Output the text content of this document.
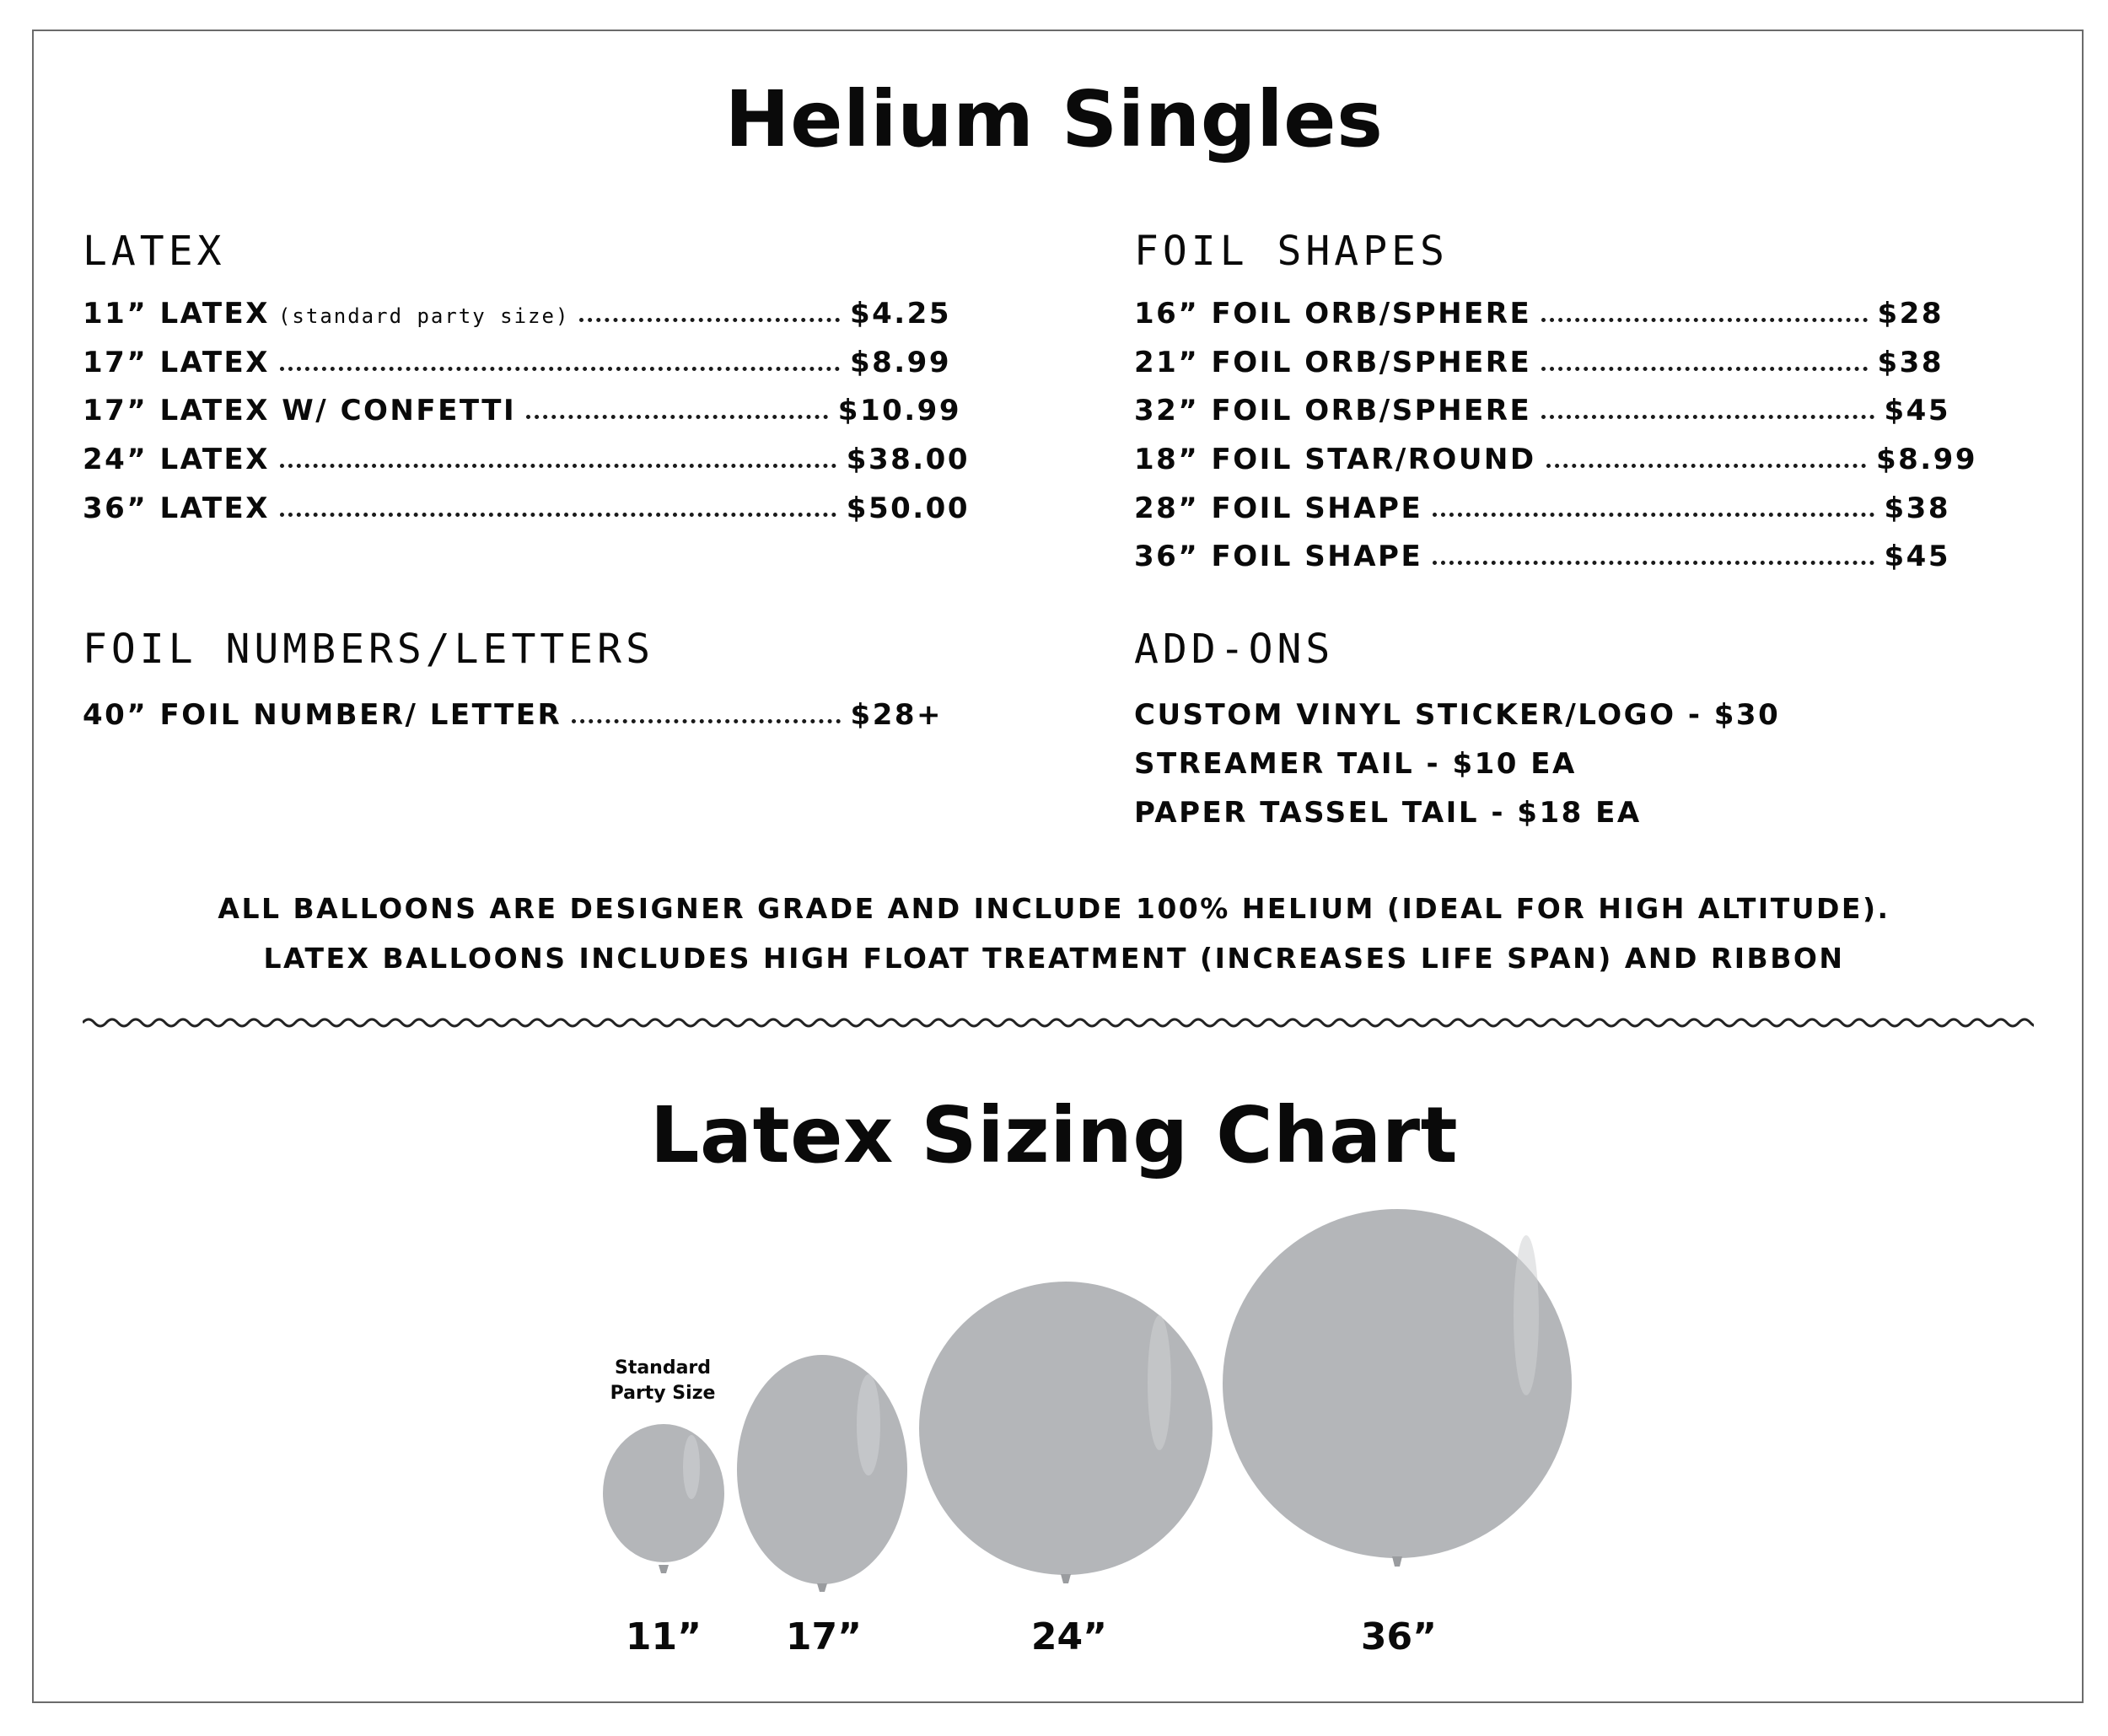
Helium Singles
LATEX
11” LATEX (standard party size)	$4.25
17” LATEX	$8.99
17” LATEX W/ CONFETTI	$10.99
24” LATEX	$38.00
36” LATEX	$50.00
FOIL SHAPES
16” FOIL ORB/SPHERE	$28
21” FOIL ORB/SPHERE	$38
32” FOIL ORB/SPHERE	$45
18” FOIL STAR/ROUND	$8.99
28” FOIL SHAPE	$38
36” FOIL SHAPE	$45
FOIL NUMBERS/LETTERS
40” FOIL NUMBER/ LETTER	$28+
ADD-ONS
CUSTOM VINYL STICKER/LOGO - $30
STREAMER TAIL - $10 EA
PAPER TASSEL TAIL - $18 EA
ALL BALLOONS ARE DESIGNER GRADE AND INCLUDE 100% HELIUM (IDEAL FOR HIGH ALTITUDE).
LATEX BALLOONS INCLUDES HIGH FLOAT TREATMENT (INCREASES LIFE SPAN) AND RIBBON
Latex Sizing Chart
Standard
Party Size
11”	17”	24”	36”
